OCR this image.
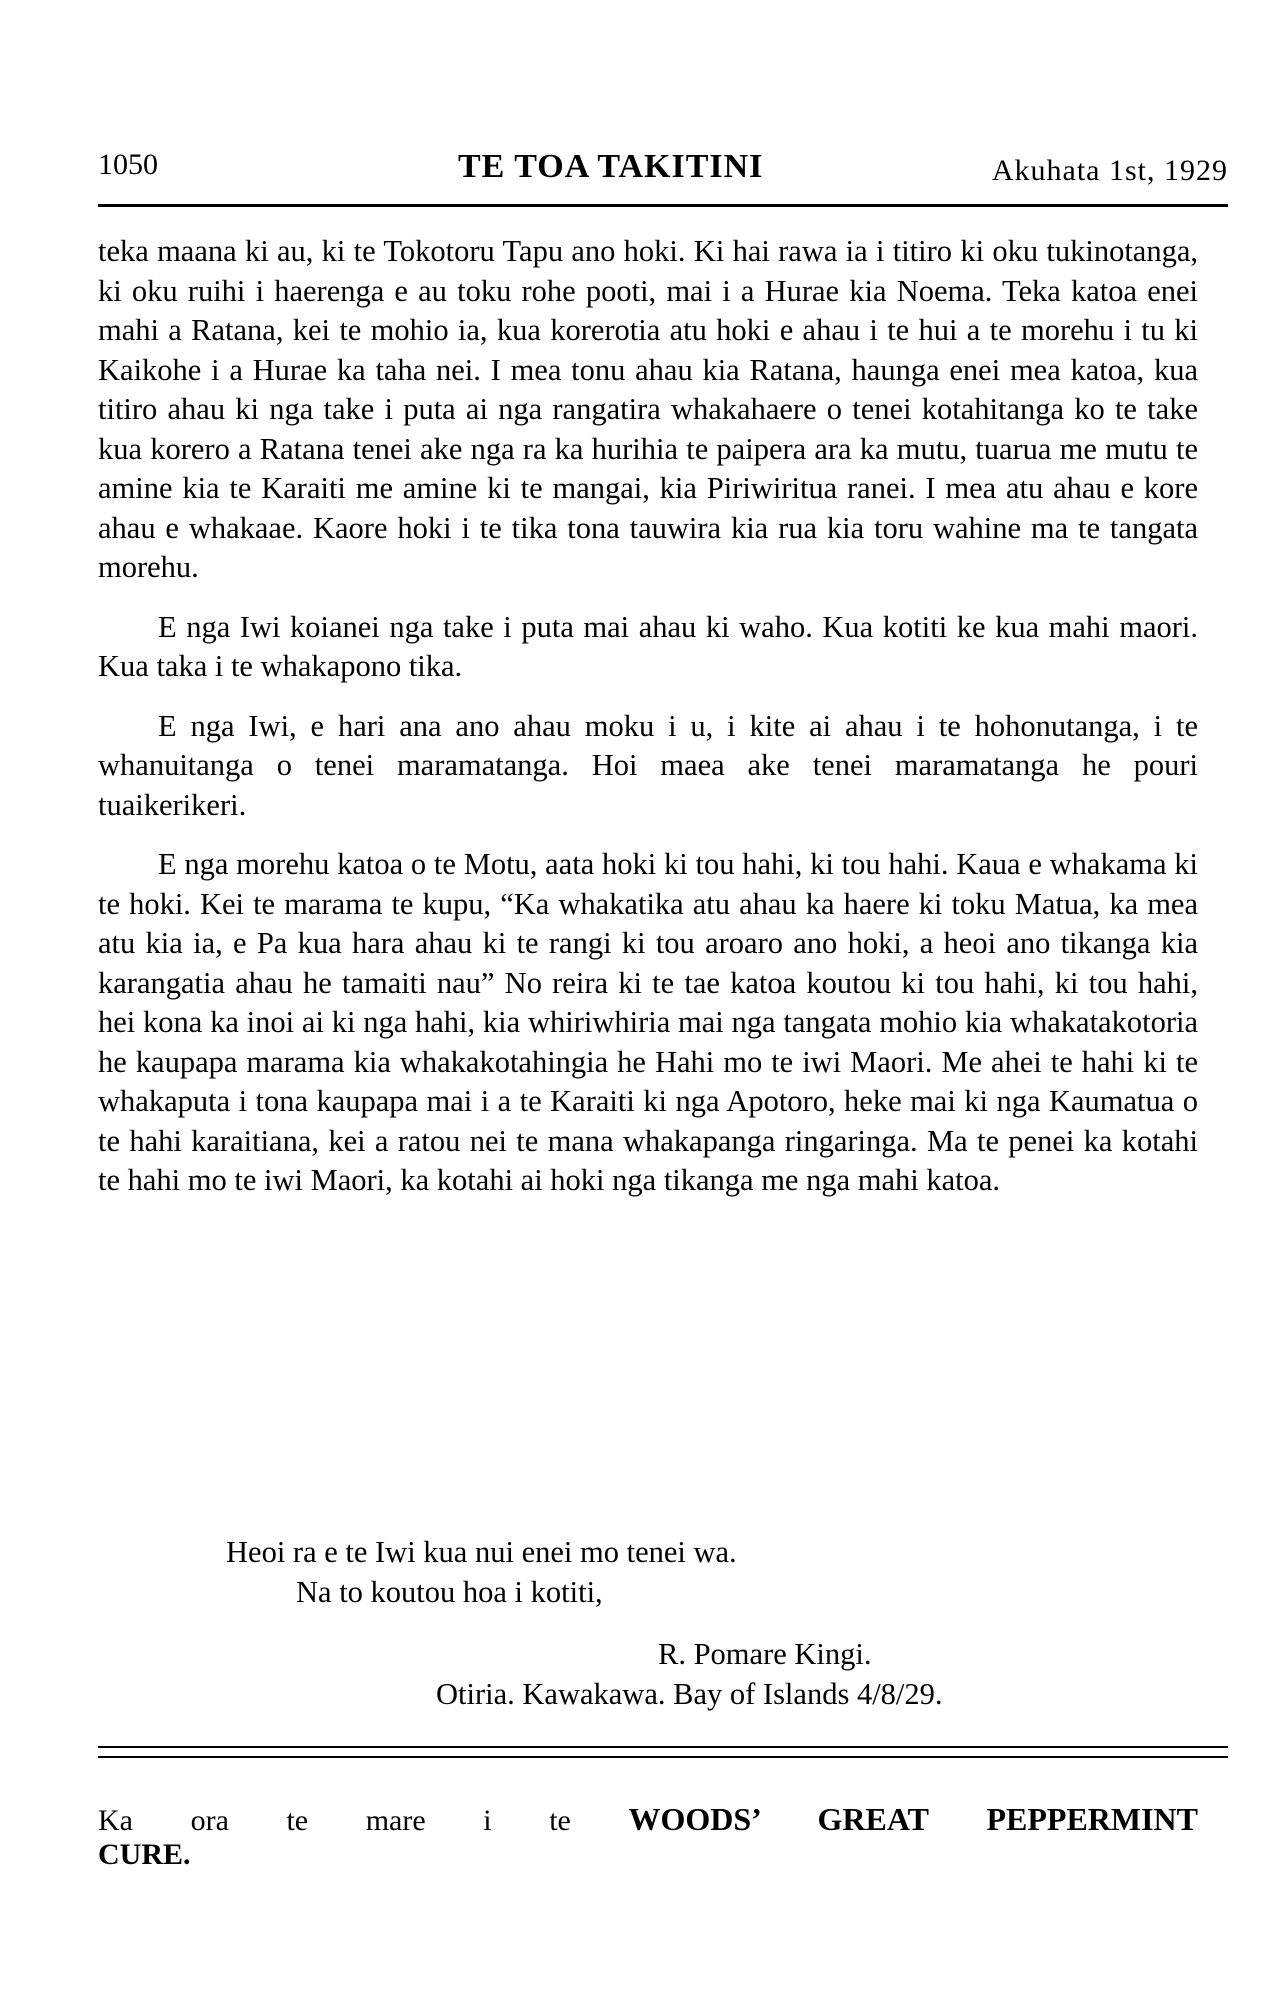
1050	TE TOA TAKITINI	Akuhata 1st, 1929

teka maana ki au, ki te Tokotoru Tapu ano hoki. Ki hai rawa ia i titiro ki oku tukinotanga, ki oku ruihi i haerenga e au toku rohe pooti, mai i a Hurae kia Noema. Teka katoa enei mahi a Ratana, kei te mohio ia, kua korerotia atu hoki e ahau i te hui a te morehu i tu ki Kaikohe i a Hurae ka taha nei. I mea tonu ahau kia Ratana, haunga enei mea katoa, kua titiro ahau ki nga take i puta ai nga rangatira whakahaere o tenei kotahitanga ko te take kua korero a Ratana tenei ake nga ra ka hurihia te paipera ara ka mutu, tuarua me mutu te amine kia te Karaiti me amine ki te mangai, kia Piriwiritua ranei. I mea atu ahau e kore ahau e whakaae. Kaore hoki i te tika tona tauwira kia rua kia toru wahine ma te tangata morehu.

E nga Iwi koianei nga take i puta mai ahau ki waho. Kua kotiti ke kua mahi maori. Kua taka i te whakapono tika.

E nga Iwi, e hari ana ano ahau moku i u, i kite ai ahau i te hohonutanga, i te whanuitanga o tenei maramatanga. Hoi maea ake tenei maramatanga he pouri tuaikerikeri.

E nga morehu katoa o te Motu, aata hoki ki tou hahi, ki tou hahi. Kaua e whakama ki te hoki. Kei te marama te kupu, “Ka whakatika atu ahau ka haere ki toku Matua, ka mea atu kia ia, e Pa kua hara ahau ki te rangi ki tou aroaro ano hoki, a heoi ano tikanga kia karangatia ahau he tamaiti nau” No reira ki te tae katoa koutou ki tou hahi, ki tou hahi, hei kona ka inoi ai ki nga hahi, kia whiriwhiria mai nga tangata mohio kia whakatakotoria he kaupapa marama kia whakakotahingia he Hahi mo te iwi Maori. Me ahei te hahi ki te whakaputa i tona kaupapa mai i a te Karaiti ki nga Apotoro, heke mai ki nga Kaumatua o te hahi karaitiana, kei a ratou nei te mana whakapanga ringaringa. Ma te penei ka kotahi te hahi mo te iwi Maori, ka kotahi ai hoki nga tikanga me nga mahi katoa.

Heoi ra e te Iwi kua nui enei mo tenei wa.
Na to koutou hoa i kotiti,
R. Pomare Kingi.
Otiria. Kawakawa. Bay of Islands 4/8/29.
Ka ora te mare i te WOODS’ GREAT PEPPERMINT
CURE.
